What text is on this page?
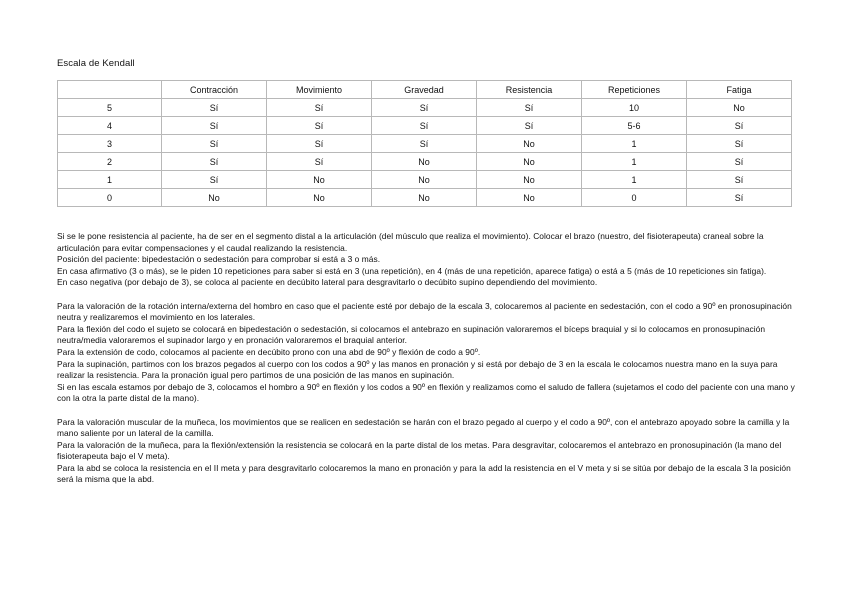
Escala de Kendall
	Contracción	Movimiento	Gravedad	Resistencia	Repeticiones	Fatiga
5	Sí	Sí	Sí	Sí	10	No
4	Sí	Sí	Sí	Sí	5-6	Sí
3	Sí	Sí	Sí	No	1	Sí
2	Sí	Sí	No	No	1	Sí
1	Sí	No	No	No	1	Sí
0	No	No	No	No	0	Sí

Si se le pone resistencia al paciente, ha de ser en el segmento distal a la articulación (del músculo que realiza el movimiento). Colocar el brazo (nuestro, del fisioterapeuta) craneal sobre la articulación para evitar compensaciones y el caudal realizando la resistencia.

Posición del paciente: bipedestación o sedestación para comprobar si está a 3 o más.

En casa afirmativo (3 o más), se le piden 10 repeticiones para saber si está en 3 (una repetición), en 4 (más de una repetición, aparece fatiga) o está a 5 (más de 10 repeticiones sin fatiga).

En caso negativa (por debajo de 3), se coloca al paciente en decúbito lateral para desgravitarlo o decúbito supino dependiendo del movimiento.

Para la valoración de la rotación interna/externa del hombro en caso que el paciente esté por debajo de la escala 3, colocaremos al paciente en sedestación, con el codo a 90º en pronosupinación neutra y realizaremos el movimiento en los laterales.

Para la flexión del codo el sujeto se colocará en bipedestación o sedestación, si colocamos el antebrazo en supinación valoraremos el bíceps braquial y si lo colocamos en pronosupinación neutra/media valoraremos el supinador largo y en pronación valoraremos el braquial anterior.

Para la extensión de codo, colocamos al paciente en decúbito prono con una abd de 90º y flexión de codo a 90º.

Para la supinación, partimos con los brazos pegados al cuerpo con los codos a 90º y las manos en pronación y si está por debajo de 3 en la escala le colocamos nuestra mano en la suya para realizar la resistencia. Para la pronación igual pero partimos de una posición de las manos en supinación.

Si en las escala estamos por debajo de 3, colocamos el hombro a 90º en flexión y los codos a 90º en flexión y realizamos como el saludo de fallera (sujetamos el codo del paciente con una mano y con la otra la parte distal de la mano).

Para la valoración muscular de la muñeca, los movimientos que se realicen en sedestación se harán con el brazo pegado al cuerpo y el codo a 90º, con el antebrazo apoyado sobre la camilla y la mano saliente por un lateral de la camilla.

Para la valoración de la muñeca, para la flexión/extensión la resistencia se colocará en la parte distal de los metas. Para desgravitar, colocaremos el antebrazo en pronosupinación (la mano del fisioterapeuta bajo el V meta).

Para la abd se coloca la resistencia en el II meta y para desgravitarlo colocaremos la mano en pronación y para la add la resistencia en el V meta y si se sitúa por debajo de la escala 3 la posición será la misma que la abd.
